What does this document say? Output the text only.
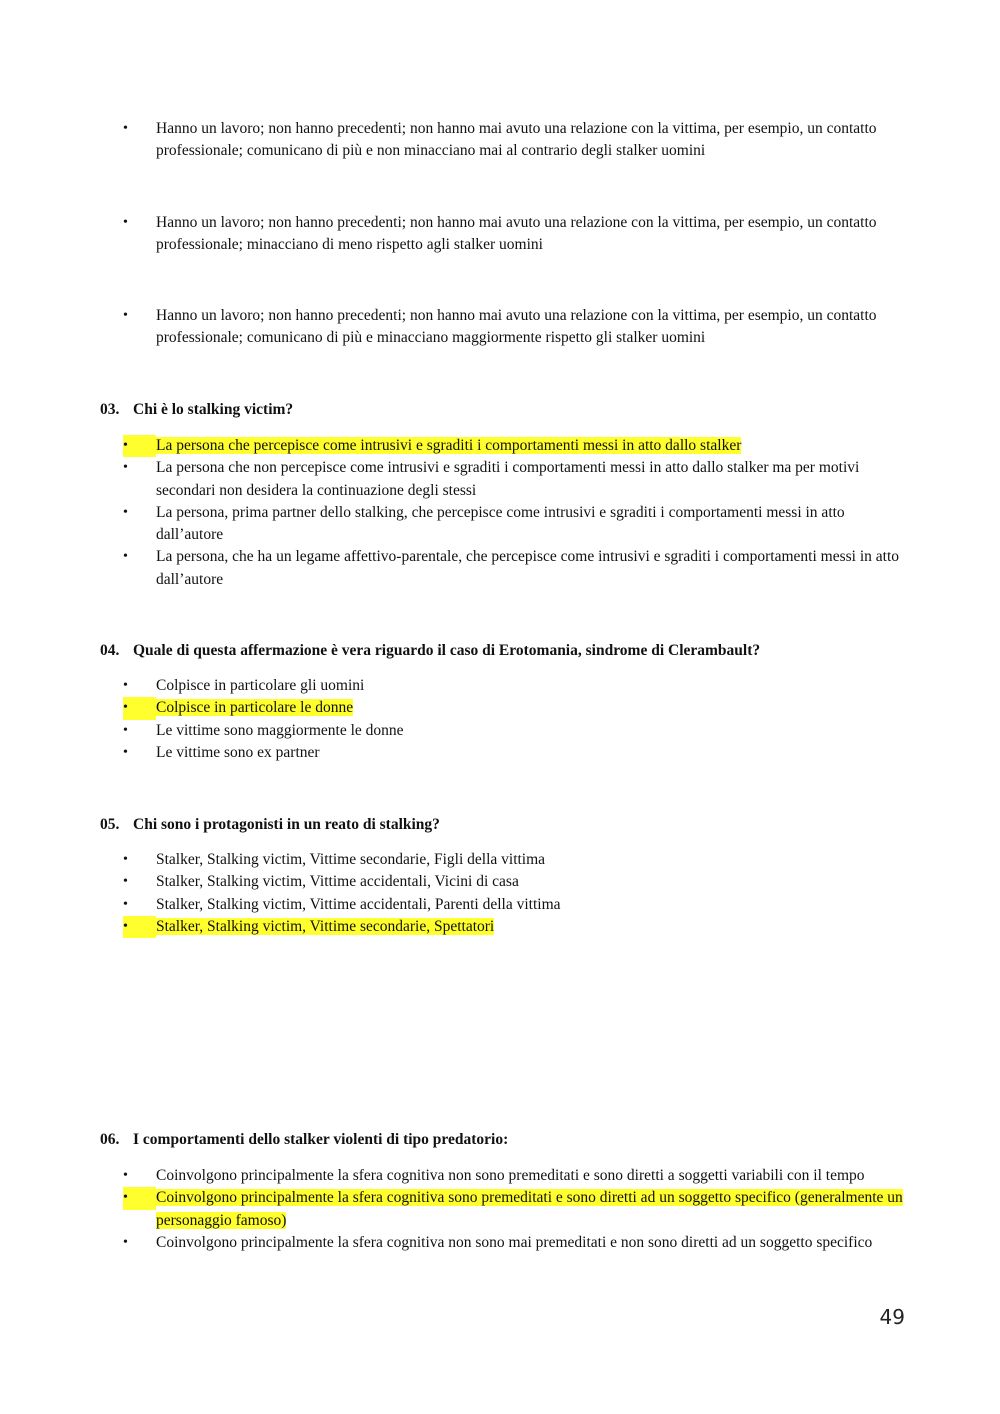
•	Hanno un lavoro; non hanno precedenti; non hanno mai avuto una relazione con la vittima, per esempio, un contatto professionale; comunicano di più e non minacciano mai al contrario degli stalker uomini
•	Hanno un lavoro; non hanno precedenti; non hanno mai avuto una relazione con la vittima, per esempio, un contatto professionale; minacciano di meno rispetto agli stalker uomini
•	Hanno un lavoro; non hanno precedenti; non hanno mai avuto una relazione con la vittima, per esempio, un contatto professionale; comunicano di più e minacciano maggiormente rispetto gli stalker uomini

03. Chi è lo stalking victim?

•	La persona che percepisce come intrusivi e sgraditi i comportamenti messi in atto dallo stalker
•	La persona che non percepisce come intrusivi e sgraditi i comportamenti messi in atto dallo stalker ma per motivi secondari non desidera la continuazione degli stessi
•	La persona, prima partner dello stalking, che percepisce come intrusivi e sgraditi i comportamenti messi in atto dall’autore
•	La persona, che ha un legame affettivo-parentale, che percepisce come intrusivi e sgraditi i comportamenti messi in atto dall’autore

04. Quale di questa affermazione è vera riguardo il caso di Erotomania, sindrome di Clerambault?

•	Colpisce in particolare gli uomini
•	Colpisce in particolare le donne
•	Le vittime sono maggiormente le donne
•	Le vittime sono ex partner

05. Chi sono i protagonisti in un reato di stalking?

•	Stalker, Stalking victim, Vittime secondarie, Figli della vittima
•	Stalker, Stalking victim, Vittime accidentali, Vicini di casa
•	Stalker, Stalking victim, Vittime accidentali, Parenti della vittima
•	Stalker, Stalking victim, Vittime secondarie, Spettatori

06. I comportamenti dello stalker violenti di tipo predatorio:

•	Coinvolgono principalmente la sfera cognitiva non sono premeditati e sono diretti a soggetti variabili con il tempo
•	Coinvolgono principalmente la sfera cognitiva sono premeditati e sono diretti ad un soggetto specifico (generalmente un personaggio famoso)
•	Coinvolgono principalmente la sfera cognitiva non sono mai premeditati e non sono diretti ad un soggetto specifico
49
